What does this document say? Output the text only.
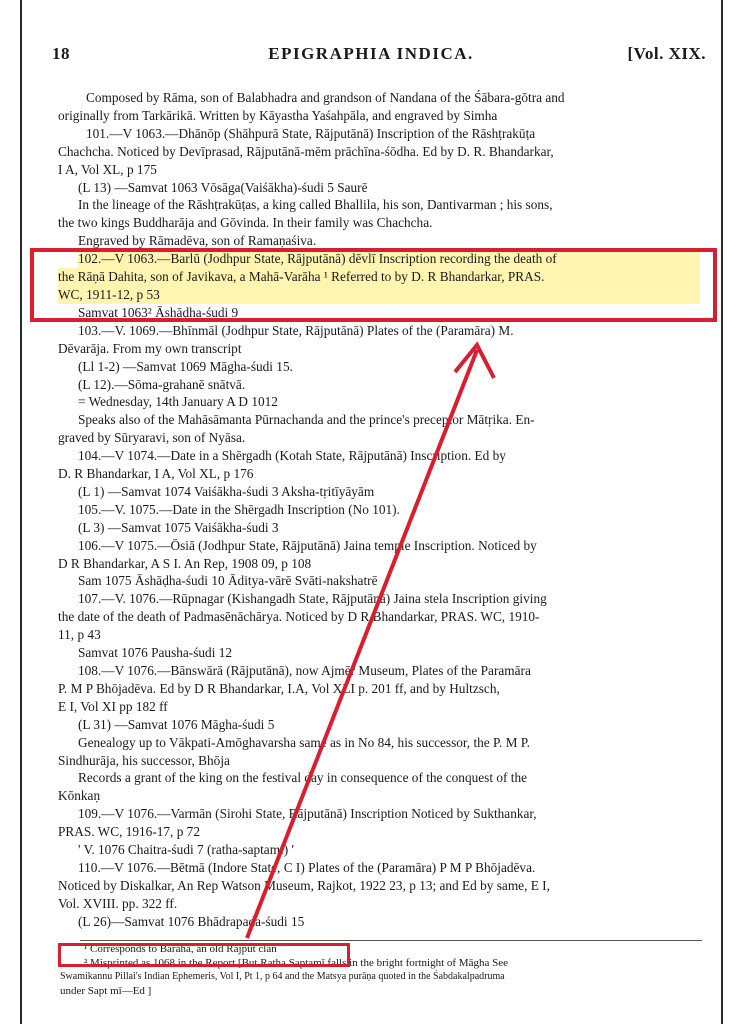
18	EPIGRAPHIA INDICA.	[Vol. XIX.

Composed by Rāma, son of Balabhadra and grandson of Nandana of the Śābara-gōtra and

originally from Tarkārikā. Written by Kāyastha Yaśahpāla, and engraved by Simha

101.—V 1063.—Dhānōp (Shāhpurā State, Rājputānā) Inscription of the Rāshṭrakūṭa

Chachcha. Noticed by Devīprasad, Rājputānā-mēm prāchīna-śōdha. Ed by D. R. Bhandarkar,

I A, Vol XL, p 175

(L 13) —Samvat 1063 Vōsāga(Vaiśākha)-śudi 5 Saurē

In the lineage of the Rāshṭrakūṭas, a king called Bhallila, his son, Dantivarman ; his sons,

the two kings Buddharāja and Gōvinda. In their family was Chachcha.

Engraved by Rāmadēva, son of Ramaṇaśiva.

102.—V 1063.—Barlū (Jodhpur State, Rājputānā) dēvlī Inscription recording the death of

the Rāṇā Dahita, son of Javikava, a Mahā-Varāha ¹ Referred to by D. R Bhandarkar, PRAS.

WC, 1911-12, p 53

Samvat 1063² Āshāḍha-śudi 9

103.—V. 1069.—Bhīnmāl (Jodhpur State, Rājputānā) Plates of the (Paramāra) M.

Dēvarāja. From my own transcript

(Ll 1-2) —Samvat 1069 Māgha-śudi 15.

(L 12).—Sōma-grahanē snātvā.

= Wednesday, 14th January A D 1012

Speaks also of the Mahāsāmanta Pūrnachanda and the prince's preceptor Mātṛika. En-

graved by Sūryaravi, son of Nyāsa.

104.—V 1074.—Date in a Shērgadh (Kotah State, Rājputānā) Inscription. Ed by

D. R Bhandarkar, I A, Vol XL, p 176

(L 1) —Samvat 1074 Vaiśākha-śudi 3 Aksha-tṛitīyāyām

105.—V. 1075.—Date in the Shērgadh Inscription (No 101).

(L 3) —Samvat 1075 Vaiśākha-śudi 3

106.—V 1075.—Ōsiā (Jodhpur State, Rājputānā) Jaina temple Inscription. Noticed by

D R Bhandarkar, A S I. An Rep, 1908 09, p 108

Sam 1075 Āshāḍha-śudi 10 Āditya-vārē Svāti-nakshatrē

107.—V. 1076.—Rūpnagar (Kishangadh State, Rājputānā) Jaina stela Inscription giving

the date of the death of Padmasēnāchārya. Noticed by D R Bhandarkar, PRAS. WC, 1910-

11, p 43

Samvat 1076 Pausha-śudi 12

108.—V 1076.—Bānswārā (Rājputānā), now Ajmēr Museum, Plates of the Paramāra

P. M P Bhōjadēva. Ed by D R Bhandarkar, I.A, Vol XLI p. 201 ff, and by Hultzsch,

E I, Vol XI pp 182 ff

(L 31) —Samvat 1076 Māgha-śudi 5

Genealogy up to Vākpati-Amōghavarsha same as in No 84, his successor, the P. M P.

Sindhurāja, his successor, Bhōja

Records a grant of the king on the festival day in consequence of the conquest of the

Kōnkaṇ

109.—V 1076.—Varmān (Sirohi State, Rājputānā) Inscription Noticed by Sukthankar,

PRAS. WC, 1916-17, p 72

' V. 1076 Chaitra-śudi 7 (ratha-saptami) '

110.—V 1076.—Bētmā (Indore State, C I) Plates of the (Paramāra) P M P Bhōjadēva.

Noticed by Diskalkar, An Rep Watson Museum, Rajkot, 1922 23, p 13; and Ed by same, E I,

Vol. XVIII. pp. 322 ff.

(L 26)—Samvat 1076 Bhādrapada-śudi 15

¹ Corresponds to Barāhā, an old Rajpūt clan
² Misprinted as 1068 in the Report [But Ratha Saptamī falls in the bright fortnight of Māgha See
Swamikannu Pillai's Indian Ephemeris, Vol I, Pt 1, p 64 and the Matsya purāṇa quoted in the Śabdakalpadruma
under Sapt mī—Ed ]
